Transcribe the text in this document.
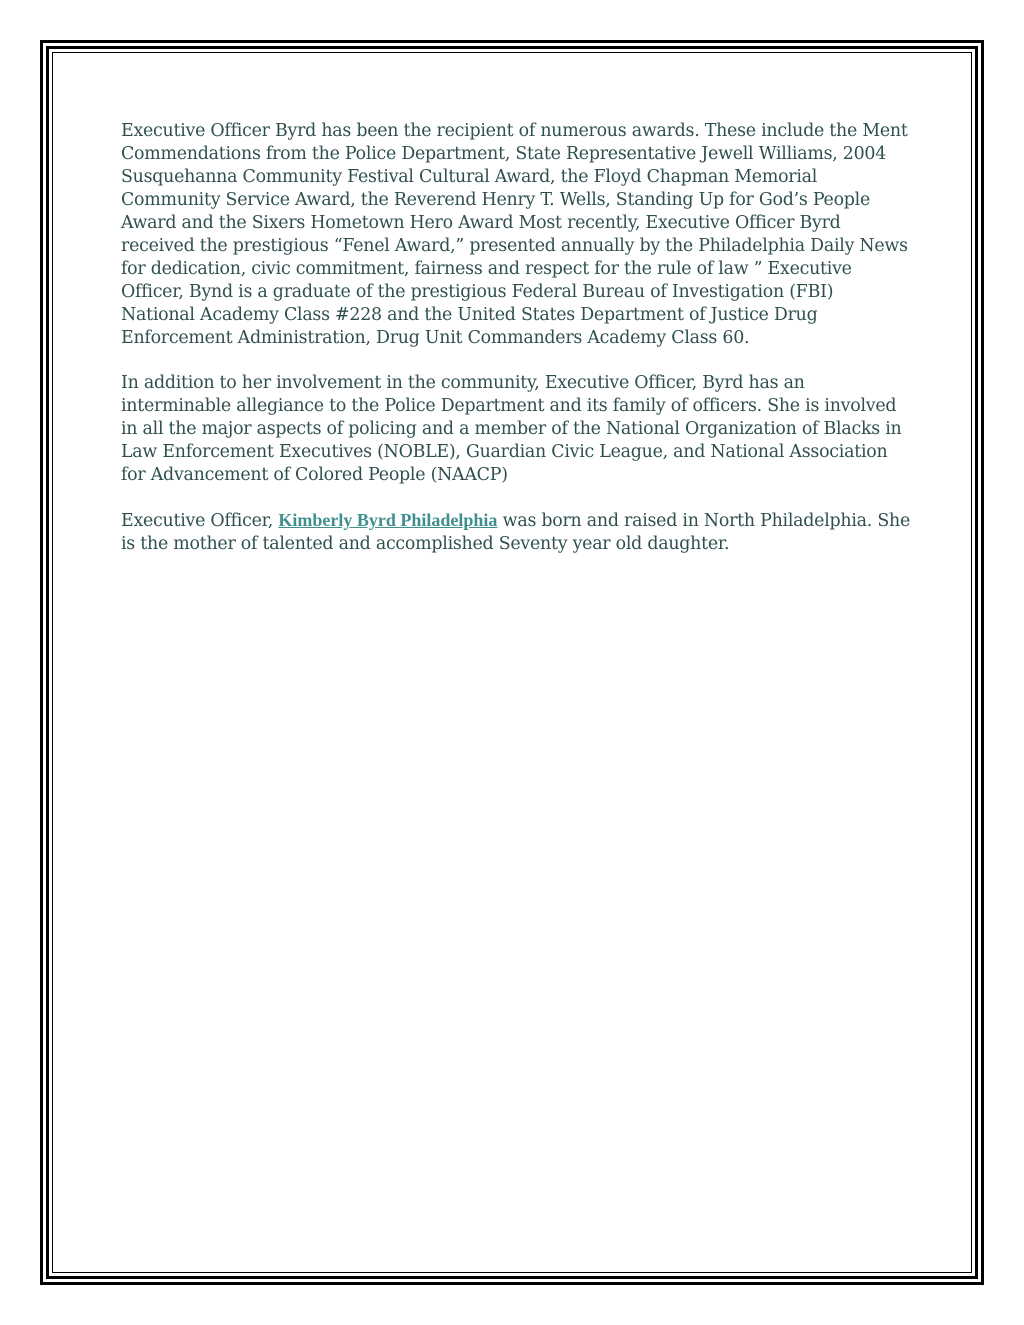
Executive Officer Byrd has been the recipient of numerous awards. These include the Ment Commendations from the Police Department, State Representative Jewell Williams, 2004 Susquehanna Community Festival Cultural Award, the Floyd Chapman Memorial Community Service Award, the Reverend Henry T. Wells, Standing Up for God’s People Award and the Sixers Hometown Hero Award Most recently, Executive Officer Byrd received the prestigious “Fenel Award,” presented annually by the Philadelphia Daily News for dedication, civic commitment, fairness and respect for the rule of law ” Executive Officer, Bynd is a graduate of the prestigious Federal Bureau of Investigation (FBI) National Academy Class #228 and the United States Department of Justice Drug Enforcement Administration, Drug Unit Commanders Academy Class 60.

In addition to her involvement in the community, Executive Officer, Byrd has an interminable allegiance to the Police Department and its family of officers. She is involved in all the major aspects of policing and a member of the National Organization of Blacks in Law Enforcement Executives (NOBLE), Guardian Civic League, and National Association for Advancement of Colored People (NAACP)

Executive Officer, Kimberly Byrd Philadelphia was born and raised in North Philadelphia. She is the mother of talented and accomplished Seventy year old daughter.
